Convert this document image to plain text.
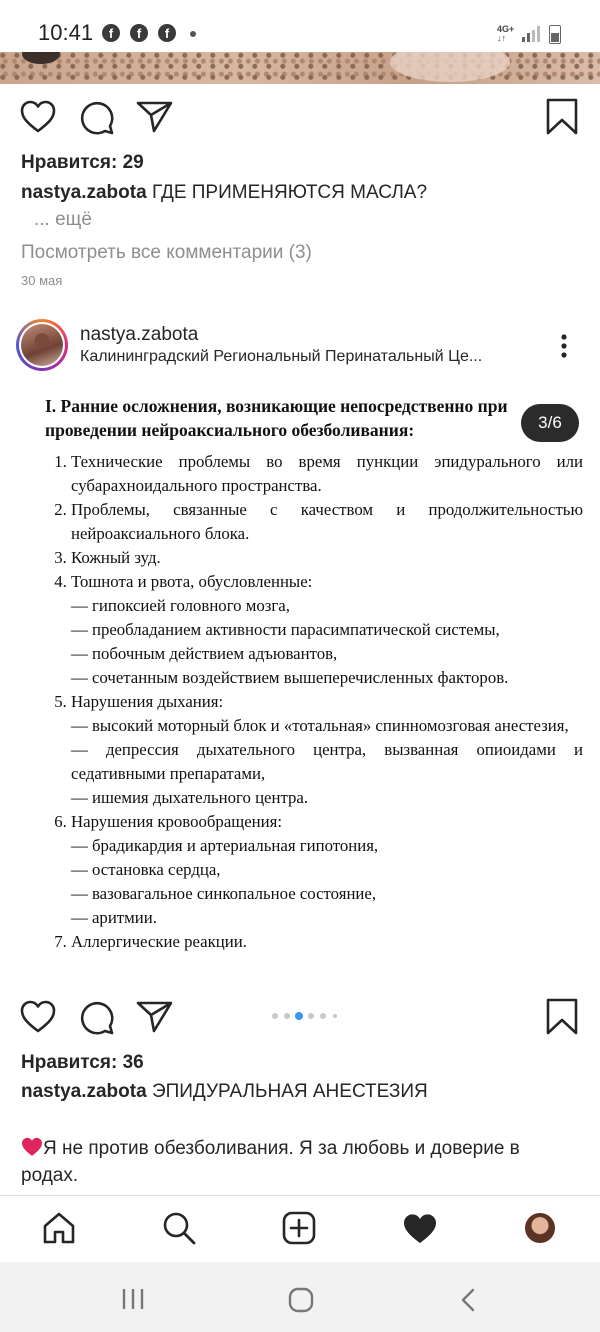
10:41	f	f	f	4G+
↓↑
Нравится: 29
nastya.zabota ГДЕ ПРИМЕНЯЮТСЯ МАСЛА?
... ещё
Посмотреть все комментарии (3)
30 мая
nastya.zabota
Калининградский Региональный Перинатальный Це...
I. Ранние осложнения, возникающие непосредственно при проведении нейроаксиального обезболивания:
1. Технические проблемы во время пункции эпидурального или субарахноидального пространства.
2. Проблемы, связанные с качеством и продолжительностью нейроаксиального блока.
3. Кожный зуд.
4. Тошнота и рвота, обусловленные:
— гипоксией головного мозга,
— преобладанием активности парасимпатической системы,
— побочным действием адъювантов,
— сочетанным воздействием вышеперечисленных факторов.
5. Нарушения дыхания:
— высокий моторный блок и «тотальная» спинномозговая анестезия,
— депрессия дыхательного центра, вызванная опиоидами и седативными препаратами,
— ишемия дыхательного центра.
6. Нарушения кровообращения:
— брадикардия и артериальная гипотония,
— остановка сердца,
— вазовагальное синкопальное состояние,
— аритмии.
7. Аллергические реакции.
3/6
Нравится: 36
nastya.zabota ЭПИДУРАЛЬНАЯ АНЕСТЕЗИЯ
Я не против обезболивания. Я за любовь и доверие в родах.
